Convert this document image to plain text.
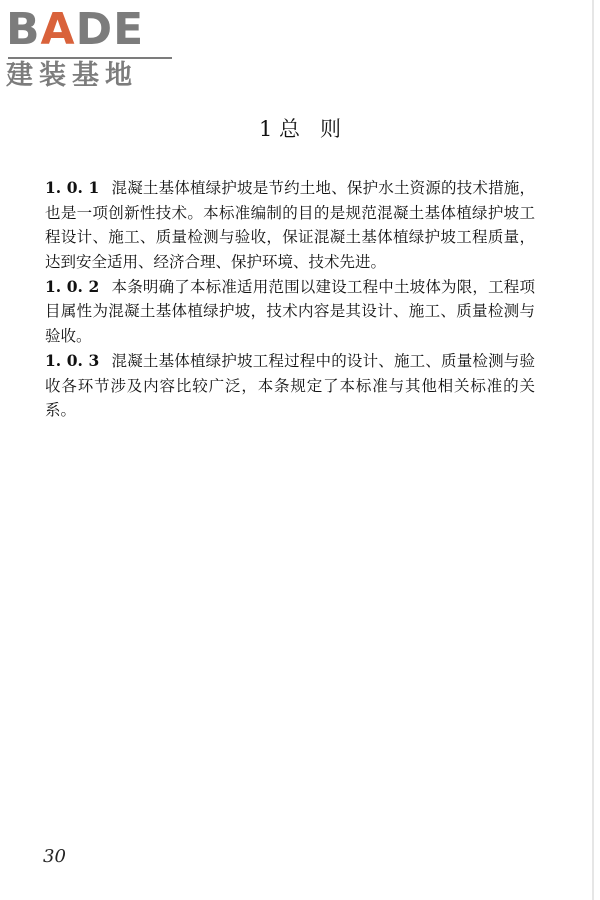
BADE
建装基地
1 总   则

1. 0. 1 混凝土基体植绿护坡是节约土地、保护水土资源的技术措施，也是一项创新性技术。本标准编制的目的是规范混凝土基体植绿护坡工程设计、施工、质量检测与验收，保证混凝土基体植绿护坡工程质量，达到安全适用、经济合理、保护环境、技术先进。

1. 0. 2 本条明确了本标准适用范围以建设工程中土坡体为限，工程项目属性为混凝土基体植绿护坡，技术内容是其设计、施工、质量检测与验收。

1. 0. 3 混凝土基体植绿护坡工程过程中的设计、施工、质量检测与验收各环节涉及内容比较广泛，本条规定了本标准与其他相关标准的关系。

30
